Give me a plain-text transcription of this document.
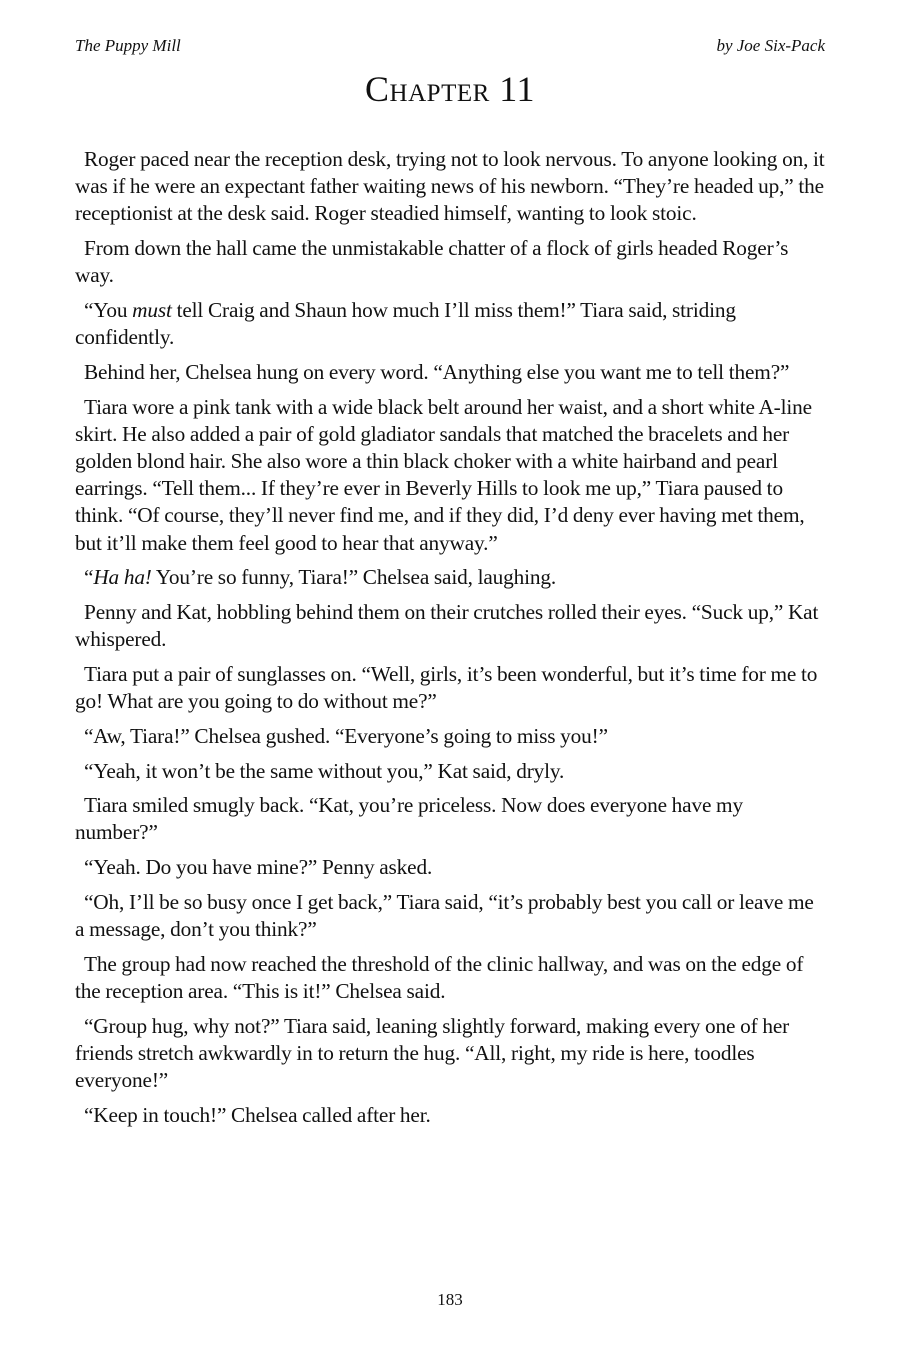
The Puppy Mill	by Joe Six-Pack
Chapter 11

Roger paced near the reception desk, trying not to look nervous. To anyone looking on, it was if he were an expectant father waiting news of his newborn. “They’re headed up,” the receptionist at the desk said. Roger steadied himself, wanting to look stoic.

From down the hall came the unmistakable chatter of a flock of girls headed Roger’s way.

“You must tell Craig and Shaun how much I’ll miss them!” Tiara said, striding confidently.

Behind her, Chelsea hung on every word. “Anything else you want me to tell them?”

Tiara wore a pink tank with a wide black belt around her waist, and a short white A-line skirt. He also added a pair of gold gladiator sandals that matched the bracelets and her golden blond hair. She also wore a thin black choker with a white hairband and pearl earrings. “Tell them... If they’re ever in Beverly Hills to look me up,” Tiara paused to think. “Of course, they’ll never find me, and if they did, I’d deny ever having met them, but it’ll make them feel good to hear that anyway.”

“Ha ha! You’re so funny, Tiara!” Chelsea said, laughing.

Penny and Kat, hobbling behind them on their crutches rolled their eyes. “Suck up,” Kat whispered.

Tiara put a pair of sunglasses on. “Well, girls, it’s been wonderful, but it’s time for me to go! What are you going to do without me?”

“Aw, Tiara!” Chelsea gushed. “Everyone’s going to miss you!”

“Yeah, it won’t be the same without you,” Kat said, dryly.

Tiara smiled smugly back. “Kat, you’re priceless. Now does everyone have my number?”

“Yeah. Do you have mine?” Penny asked.

“Oh, I’ll be so busy once I get back,” Tiara said, “it’s probably best you call or leave me a message, don’t you think?”

The group had now reached the threshold of the clinic hallway, and was on the edge of the reception area. “This is it!” Chelsea said.

“Group hug, why not?” Tiara said, leaning slightly forward, making every one of her friends stretch awkwardly in to return the hug. “All, right, my ride is here, toodles everyone!”

“Keep in touch!” Chelsea called after her.

183
